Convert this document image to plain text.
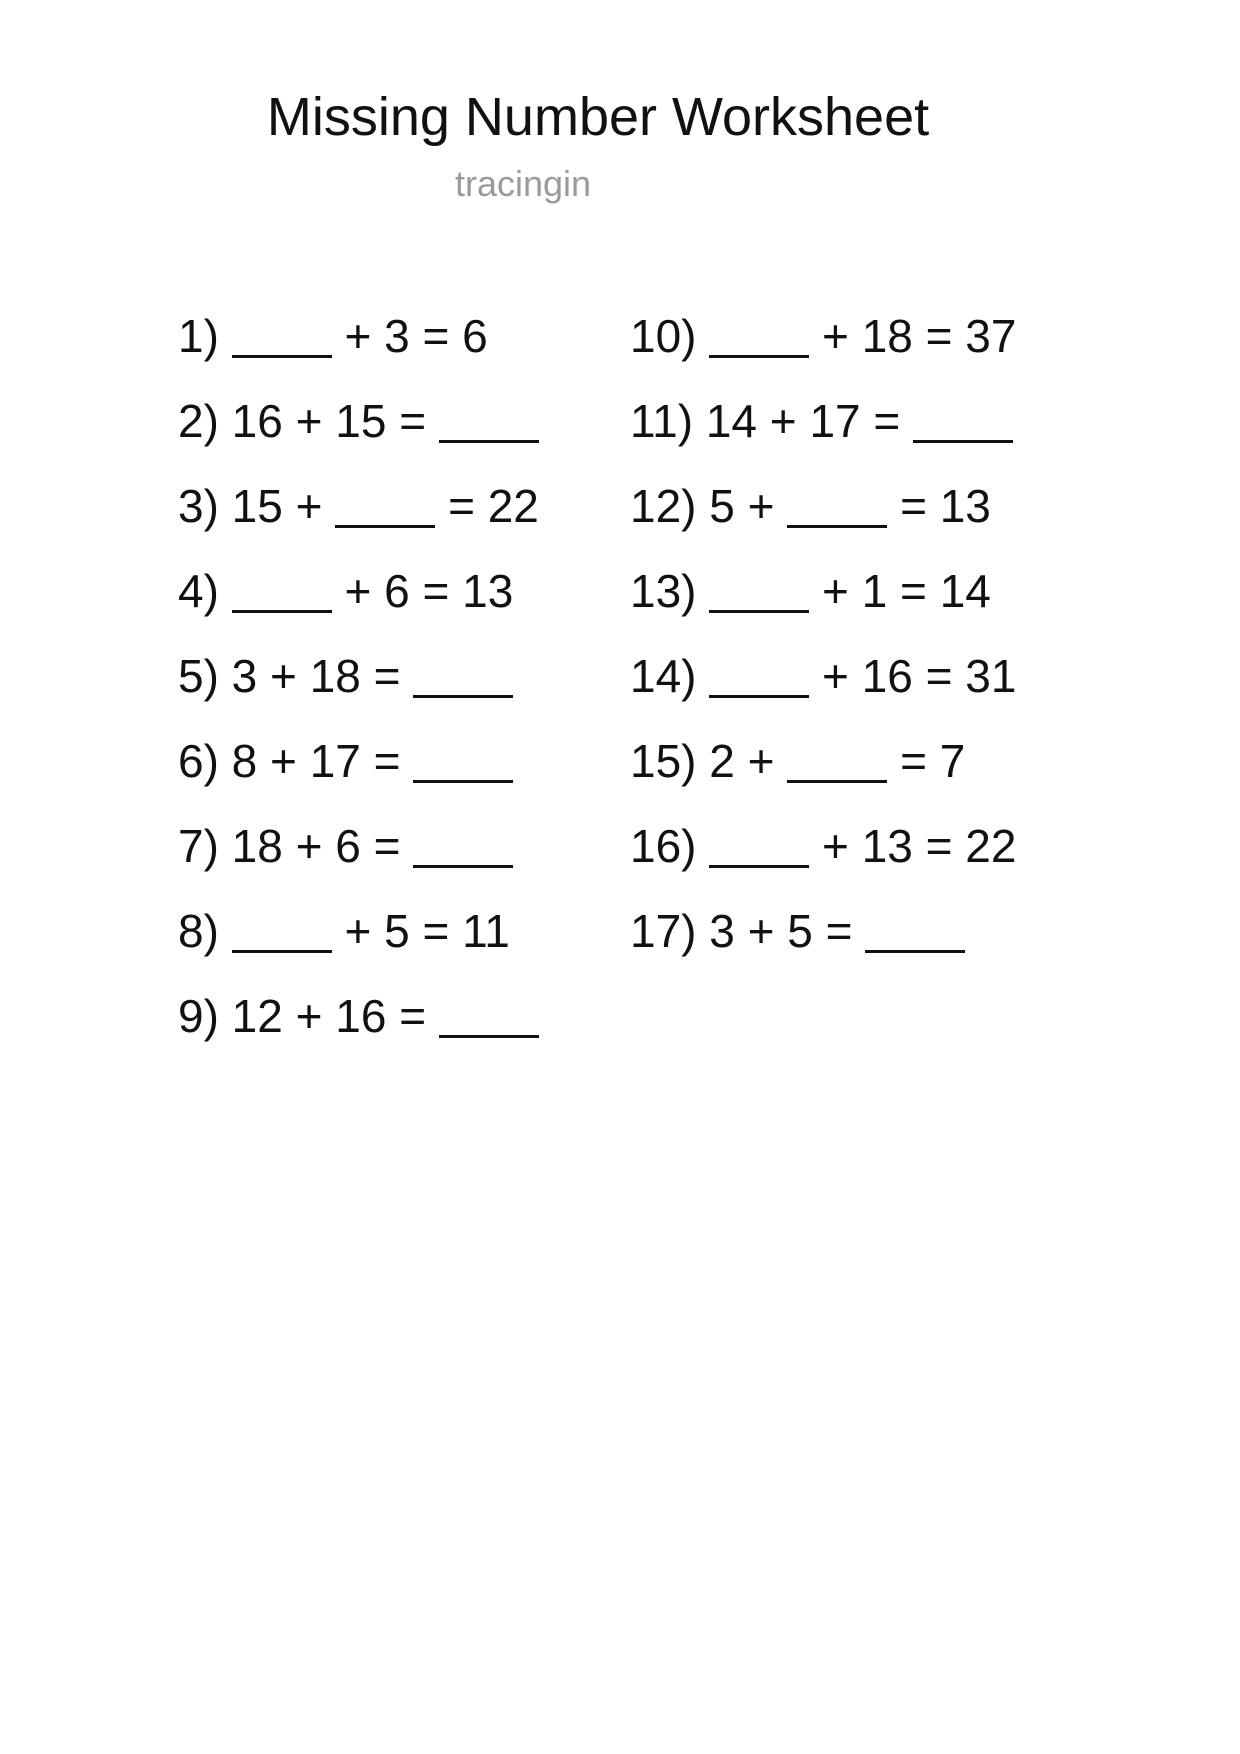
Missing Number Worksheet
tracingin
1)	+ 3 = 6
2) 16 + 15 =
3) 15 +	= 22
4)	+ 6 = 13
5) 3 + 18 =
6) 8 + 17 =
7) 18 + 6 =
8)	+ 5 = 11
9) 12 + 16 =
10)	+ 18 = 37
11) 14 + 17 =
12) 5 +	= 13
13)	+ 1 = 14
14)	+ 16 = 31
15) 2 +	= 7
16)	+ 13 = 22
17) 3 + 5 =
